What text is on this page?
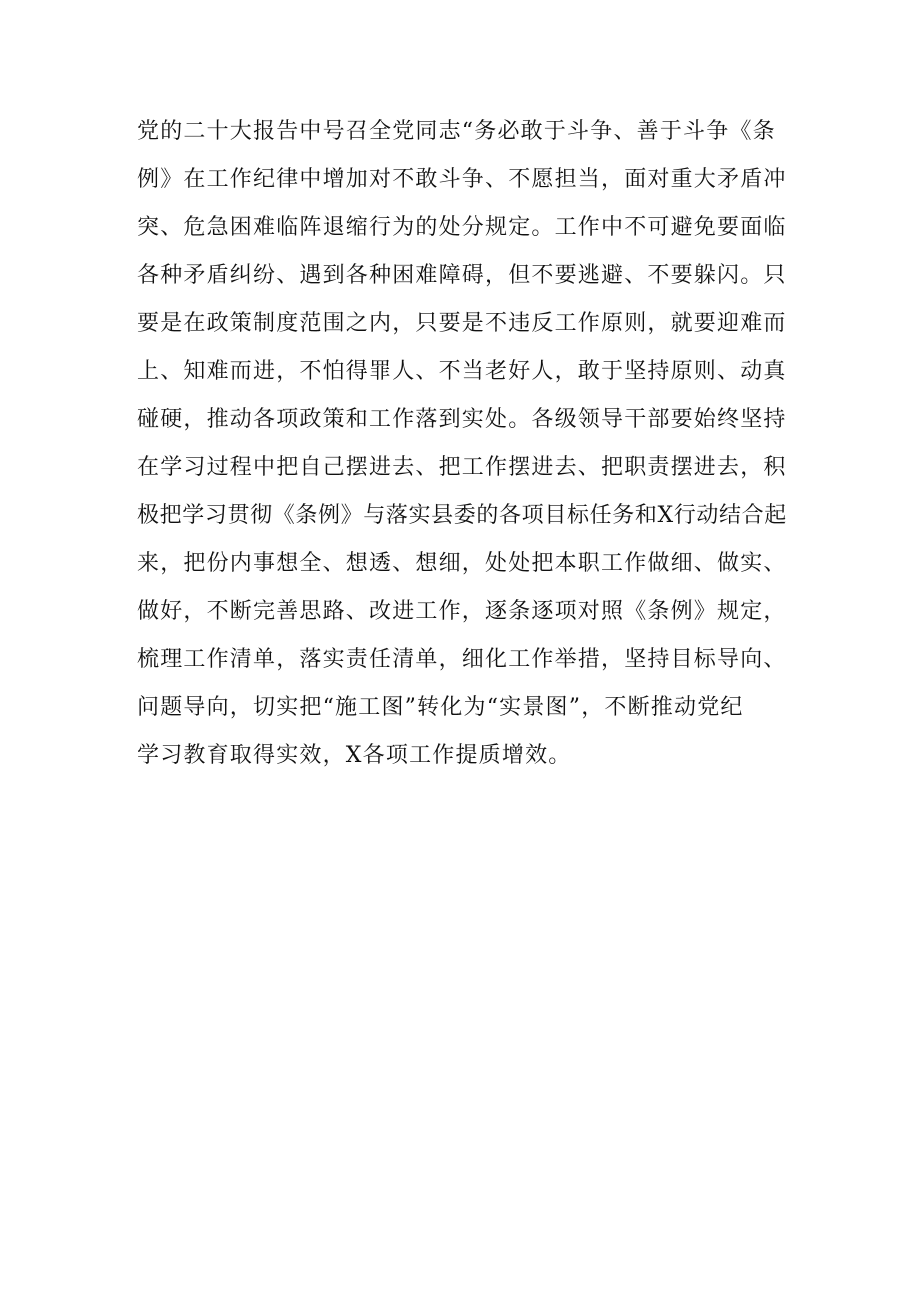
党的二十大报告中号召全党同志“务必敢于斗争、善于斗争《条
例》在工作纪律中增加对不敢斗争、不愿担当，面对重大矛盾冲
突、危急困难临阵退缩行为的处分规定。工作中不可避免要面临
各种矛盾纠纷、遇到各种困难障碍，但不要逃避、不要躲闪。只
要是在政策制度范围之内，只要是不违反工作原则，就要迎难而
上、知难而进，不怕得罪人、不当老好人，敢于坚持原则、动真
碰硬，推动各项政策和工作落到实处。各级领导干部要始终坚持
在学习过程中把自己摆进去、把工作摆进去、把职责摆进去，积
极把学习贯彻《条例》与落实县委的各项目标任务和X行动结合起
来，把份内事想全、想透、想细，处处把本职工作做细、做实、
做好，不断完善思路、改进工作，逐条逐项对照《条例》规定，
梳理工作清单，落实责任清单，细化工作举措，坚持目标导向、
问题导向，切实把“施工图”转化为“实景图”，不断推动党纪
学习教育取得实效，X各项工作提质增效。
